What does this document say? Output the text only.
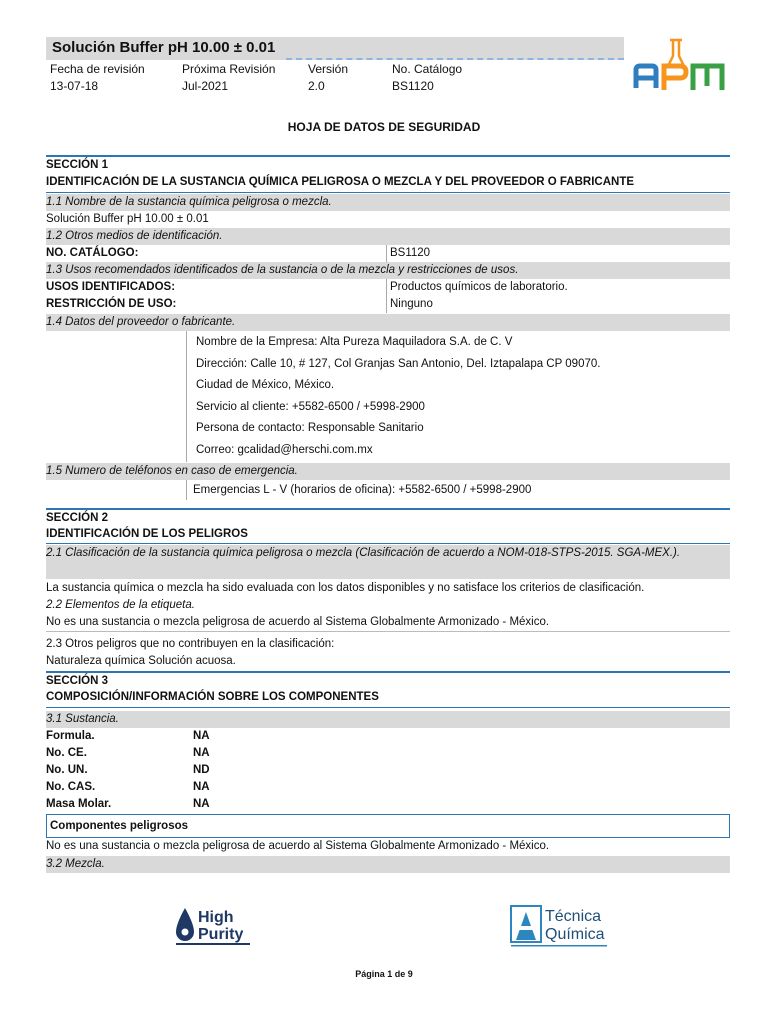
Solución Buffer pH 10.00 ± 0.01
Fecha de revisión	Próxima Revisión	Versión	No. Catálogo
13-07-18	Jul-2021	2.0	BS1120
APM
HOJA DE DATOS DE SEGURIDAD
SECCIÓN 1
IDENTIFICACIÓN DE LA SUSTANCIA QUÍMICA PELIGROSA O MEZCLA Y DEL PROVEEDOR O FABRICANTE
1.1 Nombre de la sustancia química peligrosa o mezcla.
Solución Buffer pH 10.00 ± 0.01
1.2 Otros medios de identificación.
NO. CATÁLOGO:	BS1120
1.3 Usos recomendados identificados de la sustancia o de la mezcla y restricciones de usos.
USOS IDENTIFICADOS:	Productos químicos de laboratorio.
RESTRICCIÓN DE USO:	Ninguno
1.4 Datos del proveedor o fabricante.
Nombre de la Empresa: Alta Pureza Maquiladora S.A. de C. V
Dirección: Calle 10, # 127, Col Granjas San Antonio, Del. Iztapalapa CP 09070.
Ciudad de México, México.
Servicio al cliente: +5582-6500 / +5998-2900
Persona de contacto: Responsable Sanitario
Correo: gcalidad@herschi.com.mx
1.5 Numero de teléfonos en caso de emergencia.
Emergencias L - V (horarios de oficina): +5582-6500 / +5998-2900
SECCIÓN 2
IDENTIFICACIÓN DE LOS PELIGROS
2.1 Clasificación de la sustancia química peligrosa o mezcla (Clasificación de acuerdo a NOM-018-STPS-2015. SGA-MEX.).
La sustancia química o mezcla ha sido evaluada con los datos disponibles y no satisface los criterios de clasificación.
2.2 Elementos de la etiqueta.
No es una sustancia o mezcla peligrosa de acuerdo al Sistema Globalmente Armonizado - México.
2.3 Otros peligros que no contribuyen en la clasificación:
Naturaleza química Solución acuosa.
SECCIÓN 3
COMPOSICIÓN/INFORMACIÓN SOBRE LOS COMPONENTES
3.1 Sustancia.
Formula.	NA
No. CE.	NA
No. UN.	ND
No. CAS.	NA
Masa Molar.	NA
Componentes peligrosos
No es una sustancia o mezcla peligrosa de acuerdo al Sistema Globalmente Armonizado - México.
3.2 Mezcla.
High
Purity
Técnica
Química
Página 1 de 9
